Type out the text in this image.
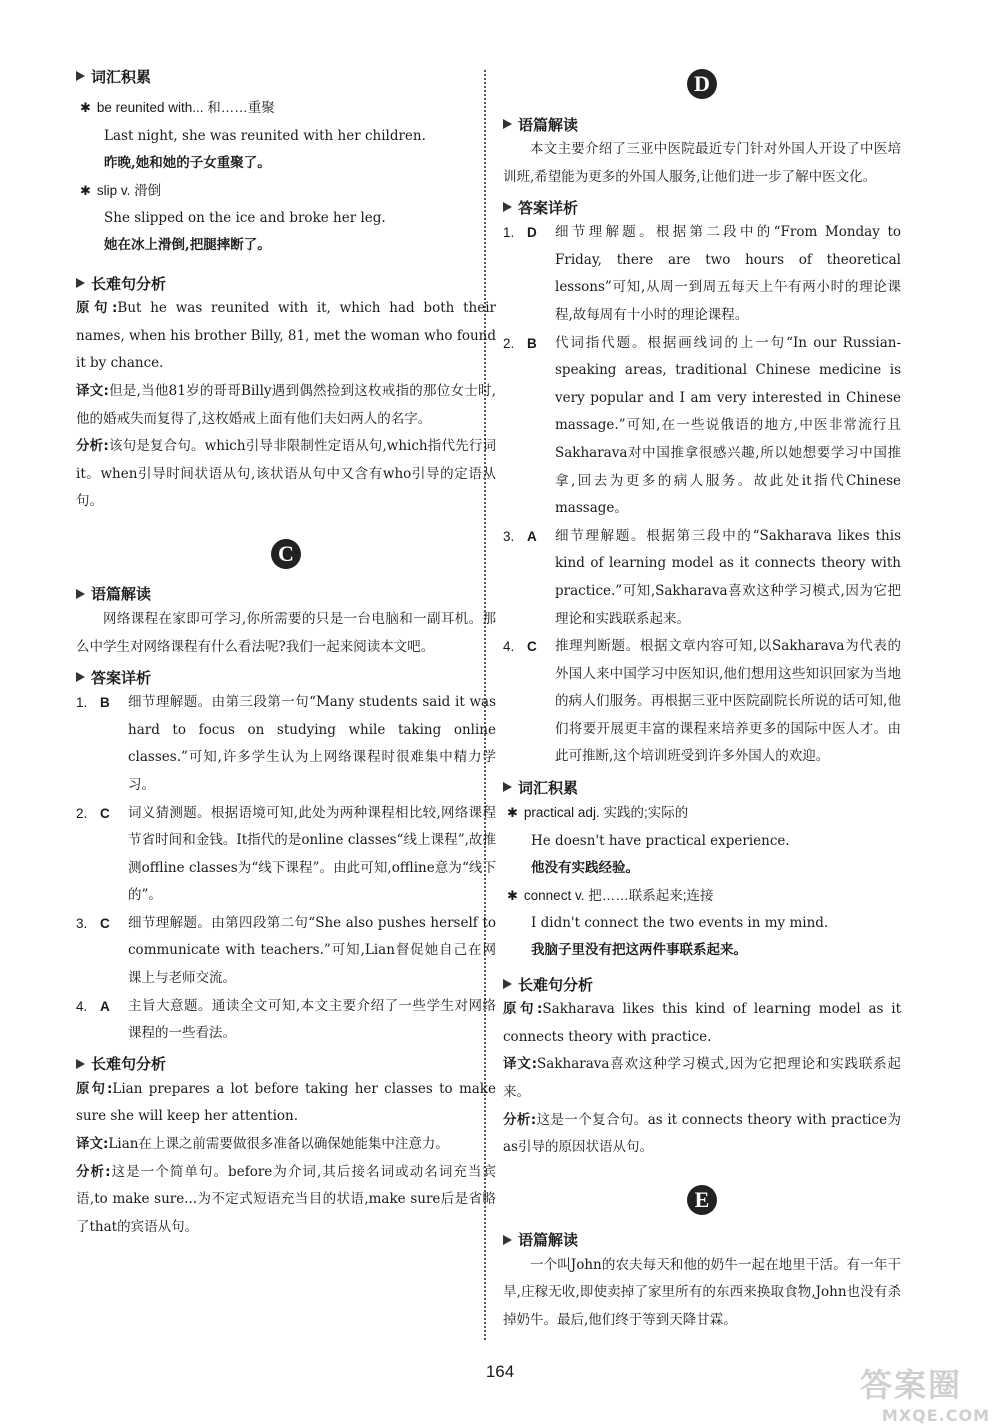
词汇积累
✱ be reunited with... 和……重聚
Last night, she was reunited with her children.
昨晚,她和她的子女重聚了。
✱ slip v. 滑倒
She slipped on the ice and broke her leg.
她在冰上滑倒,把腿摔断了。
长难句分析

原句:But he was reunited with it, which had both their names, when his brother Billy, 81, met the woman who found it by chance.

译文:但是,当他81岁的哥哥Billy遇到偶然捡到这枚戒指的那位女士时,他的婚戒失而复得了,这枚婚戒上面有他们夫妇两人的名字。

分析:该句是复合句。which引导非限制性定语从句,which指代先行词it。when引导时间状语从句,该状语从句中又含有who引导的定语从句。

C
语篇解读

网络课程在家即可学习,你所需要的只是一台电脑和一副耳机。那么中学生对网络课程有什么看法呢?我们一起来阅读本文吧。

答案详析
1. B	细节理解题。由第三段第一句“Many students said it was hard to focus on studying while taking online classes.”可知,许多学生认为上网络课程时很难集中精力学习。
2. C	词义猜测题。根据语境可知,此处为两种课程相比较,网络课程节省时间和金钱。It指代的是online classes“线上课程”,故推测offline classes为“线下课程”。由此可知,offline意为“线下的”。
3. C	细节理解题。由第四段第二句“She also pushes herself to communicate with teachers.”可知,Lian督促她自己在网课上与老师交流。
4. A	主旨大意题。通读全文可知,本文主要介绍了一些学生对网络课程的一些看法。
长难句分析

原句:Lian prepares a lot before taking her classes to make sure she will keep her attention.

译文:Lian在上课之前需要做很多准备以确保她能集中注意力。

分析:这是一个简单句。before为介词,其后接名词或动名词充当宾语,to make sure...为不定式短语充当目的状语,make sure后是省略了that的宾语从句。

D
语篇解读

本文主要介绍了三亚中医院最近专门针对外国人开设了中医培训班,希望能为更多的外国人服务,让他们进一步了解中医文化。

答案详析
1. D	细节理解题。根据第二段中的“From Monday to Friday, there are two hours of theoretical lessons”可知,从周一到周五每天上午有两小时的理论课程,故每周有十小时的理论课程。
2. B	代词指代题。根据画线词的上一句“In our Russian-speaking areas, traditional Chinese medicine is very popular and I am very interested in Chinese massage.”可知,在一些说俄语的地方,中医非常流行且Sakharava对中国推拿很感兴趣,所以她想要学习中国推拿,回去为更多的病人服务。故此处it指代Chinese massage。
3. A	细节理解题。根据第三段中的“Sakharava likes this kind of learning model as it connects theory with practice.”可知,Sakharava喜欢这种学习模式,因为它把理论和实践联系起来。
4. C	推理判断题。根据文章内容可知,以Sakharava为代表的外国人来中国学习中医知识,他们想用这些知识回家为当地的病人们服务。再根据三亚中医院副院长所说的话可知,他们将要开展更丰富的课程来培养更多的国际中医人才。由此可推断,这个培训班受到许多外国人的欢迎。
词汇积累
✱ practical adj. 实践的;实际的
He doesn't have practical experience.
他没有实践经验。
✱ connect v. 把……联系起来;连接
I didn't connect the two events in my mind.
我脑子里没有把这两件事联系起来。
长难句分析

原句:Sakharava likes this kind of learning model as it connects theory with practice.

译文:Sakharava喜欢这种学习模式,因为它把理论和实践联系起来。

分析:这是一个复合句。as it connects theory with practice为as引导的原因状语从句。

E
语篇解读

一个叫John的农夫每天和他的奶牛一起在地里干活。有一年干旱,庄稼无收,即使卖掉了家里所有的东西来换取食物,John也没有杀掉奶牛。最后,他们终于等到天降甘霖。

164	答案圈
MXQE.COM
